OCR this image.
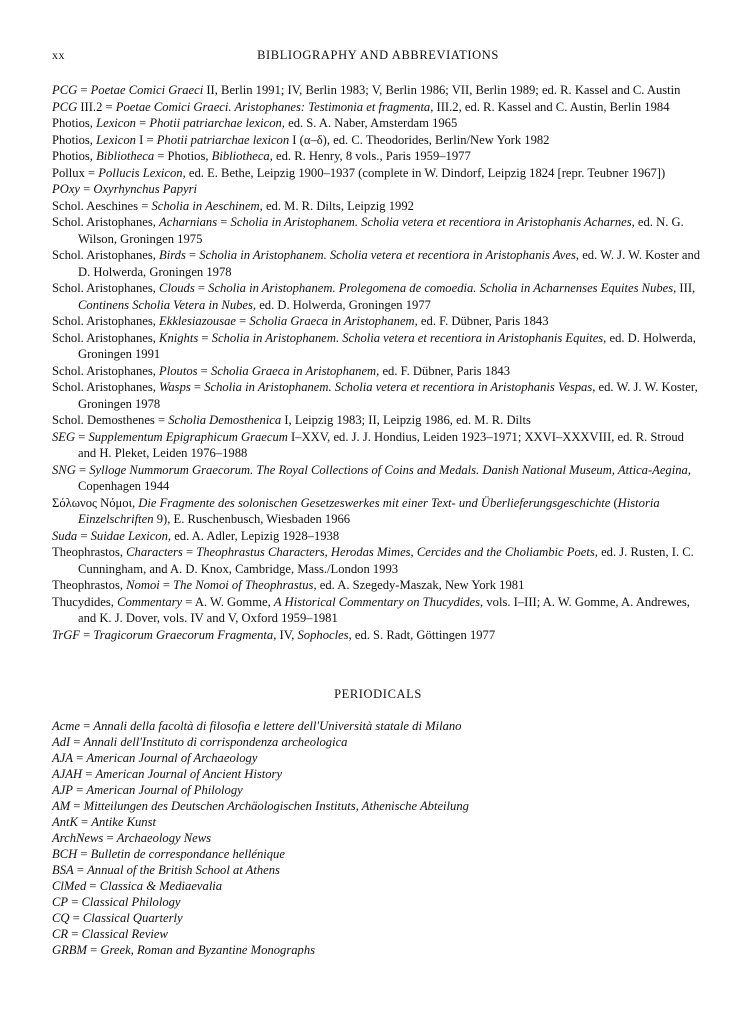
xx	BIBLIOGRAPHY AND ABBREVIATIONS

PCG = Poetae Comici Graeci II, Berlin 1991; IV, Berlin 1983; V, Berlin 1986; VII, Berlin 1989; ed. R. Kassel and C. Austin

PCG III.2 = Poetae Comici Graeci. Aristophanes: Testimonia et fragmenta, III.2, ed. R. Kassel and C. Austin, Berlin 1984

Photios, Lexicon = Photii patriarchae lexicon, ed. S. A. Naber, Amsterdam 1965

Photios, Lexicon I = Photii patriarchae lexicon I (α–δ), ed. C. Theodorides, Berlin/New York 1982

Photios, Bibliotheca = Photios, Bibliotheca, ed. R. Henry, 8 vols., Paris 1959–1977

Pollux = Pollucis Lexicon, ed. E. Bethe, Leipzig 1900–1937 (complete in W. Dindorf, Leipzig 1824 [repr. Teubner 1967])

POxy = Oxyrhynchus Papyri

Schol. Aeschines = Scholia in Aeschinem, ed. M. R. Dilts, Leipzig 1992

Schol. Aristophanes, Acharnians = Scholia in Aristophanem. Scholia vetera et recentiora in Aristophanis Acharnes, ed. N. G. Wilson, Groningen 1975

Schol. Aristophanes, Birds = Scholia in Aristophanem. Scholia vetera et recentiora in Aristophanis Aves, ed. W. J. W. Koster and D. Holwerda, Groningen 1978

Schol. Aristophanes, Clouds = Scholia in Aristophanem. Prolegomena de comoedia. Scholia in Acharnenses Equites Nubes, III, Continens Scholia Vetera in Nubes, ed. D. Holwerda, Groningen 1977

Schol. Aristophanes, Ekklesiazousae = Scholia Graeca in Aristophanem, ed. F. Dübner, Paris 1843

Schol. Aristophanes, Knights = Scholia in Aristophanem. Scholia vetera et recentiora in Aristophanis Equites, ed. D. Holwerda, Groningen 1991

Schol. Aristophanes, Ploutos = Scholia Graeca in Aristophanem, ed. F. Dübner, Paris 1843

Schol. Aristophanes, Wasps = Scholia in Aristophanem. Scholia vetera et recentiora in Aristophanis Vespas, ed. W. J. W. Koster, Groningen 1978

Schol. Demosthenes = Scholia Demosthenica I, Leipzig 1983; II, Leipzig 1986, ed. M. R. Dilts

SEG = Supplementum Epigraphicum Graecum I–XXV, ed. J. J. Hondius, Leiden 1923–1971; XXVI–XXXVIII, ed. R. Stroud and H. Pleket, Leiden 1976–1988

SNG = Sylloge Nummorum Graecorum. The Royal Collections of Coins and Medals. Danish National Museum, Attica-Aegina, Copenhagen 1944

Σόλωνος Νόμοι, Die Fragmente des solonischen Gesetzeswerkes mit einer Text- und Überlieferungsgeschichte (Historia Einzelschriften 9), E. Ruschenbusch, Wiesbaden 1966

Suda = Suidae Lexicon, ed. A. Adler, Lepizig 1928–1938

Theophrastos, Characters = Theophrastus Characters, Herodas Mimes, Cercides and the Choliambic Poets, ed. J. Rusten, I. C. Cunningham, and A. D. Knox, Cambridge, Mass./London 1993

Theophrastos, Nomoi = The Nomoi of Theophrastus, ed. A. Szegedy-Maszak, New York 1981

Thucydides, Commentary = A. W. Gomme, A Historical Commentary on Thucydides, vols. I–III; A. W. Gomme, A. Andrewes, and K. J. Dover, vols. IV and V, Oxford 1959–1981

TrGF = Tragicorum Graecorum Fragmenta, IV, Sophocles, ed. S. Radt, Göttingen 1977

PERIODICALS

Acme = Annali della facoltà di filosofia e lettere dell'Università statale di Milano

AdI = Annali dell'Instituto di corrispondenza archeologica

AJA = American Journal of Archaeology

AJAH = American Journal of Ancient History

AJP = American Journal of Philology

AM = Mitteilungen des Deutschen Archäologischen Instituts, Athenische Abteilung

AntK = Antike Kunst

ArchNews = Archaeology News

BCH = Bulletin de correspondance hellénique

BSA = Annual of the British School at Athens

ClMed = Classica & Mediaevalia

CP = Classical Philology

CQ = Classical Quarterly

CR = Classical Review

GRBM = Greek, Roman and Byzantine Monographs
